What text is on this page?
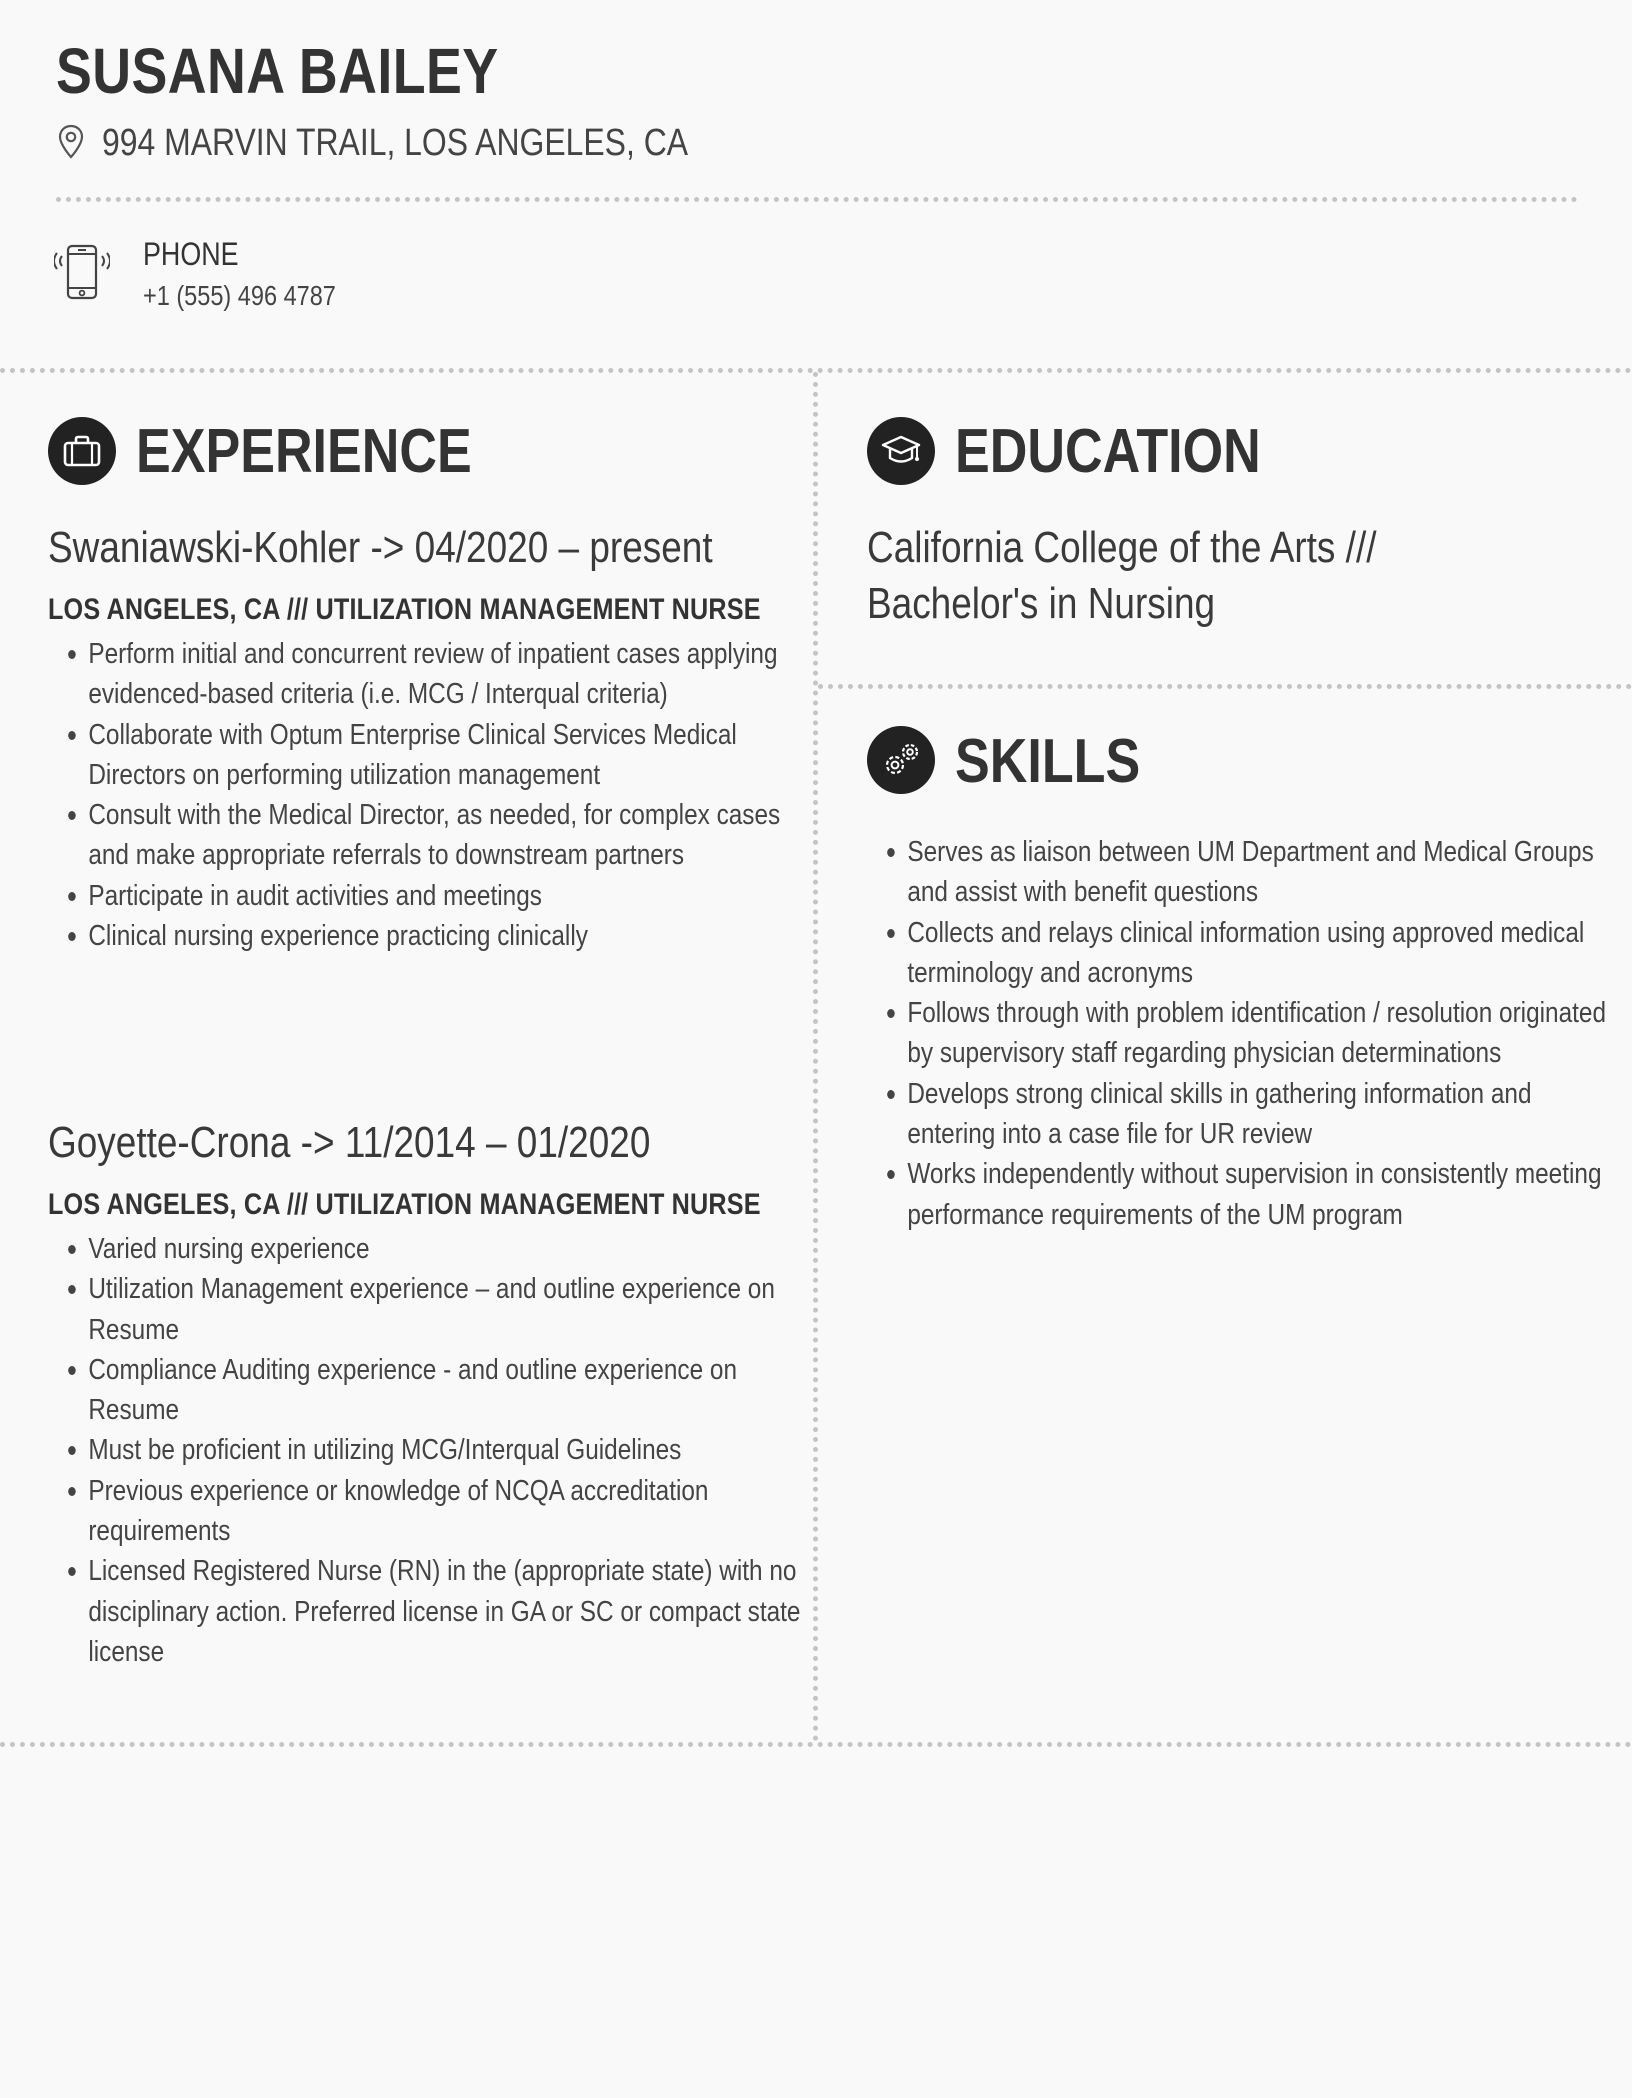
SUSANA BAILEY
994 MARVIN TRAIL, LOS ANGELES, CA
PHONE
+1 (555) 496 4787
EXPERIENCE
Swaniawski-Kohler -> 04/2020 – present
LOS ANGELES, CA /// UTILIZATION MANAGEMENT NURSE
Perform initial and concurrent review of inpatient cases applying evidenced-based criteria (i.e. MCG / Interqual criteria)
Collaborate with Optum Enterprise Clinical Services Medical Directors on performing utilization management
Consult with the Medical Director, as needed, for complex cases and make appropriate referrals to downstream partners
Participate in audit activities and meetings
Clinical nursing experience practicing clinically
Goyette-Crona -> 11/2014 – 01/2020
LOS ANGELES, CA /// UTILIZATION MANAGEMENT NURSE
Varied nursing experience
Utilization Management experience – and outline experience on Resume
Compliance Auditing experience - and outline experience on Resume
Must be proficient in utilizing MCG/Interqual Guidelines
Previous experience or knowledge of NCQA accreditation requirements
Licensed Registered Nurse (RN) in the (appropriate state) with no disciplinary action. Preferred license in GA or SC or compact state license
EDUCATION
California College of the Arts /// Bachelor's in Nursing
SKILLS
Serves as liaison between UM Department and Medical Groups and assist with benefit questions
Collects and relays clinical information using approved medical terminology and acronyms
Follows through with problem identification / resolution originated by supervisory staff regarding physician determinations
Develops strong clinical skills in gathering information and entering into a case file for UR review
Works independently without supervision in consistently meeting performance requirements of the UM program
